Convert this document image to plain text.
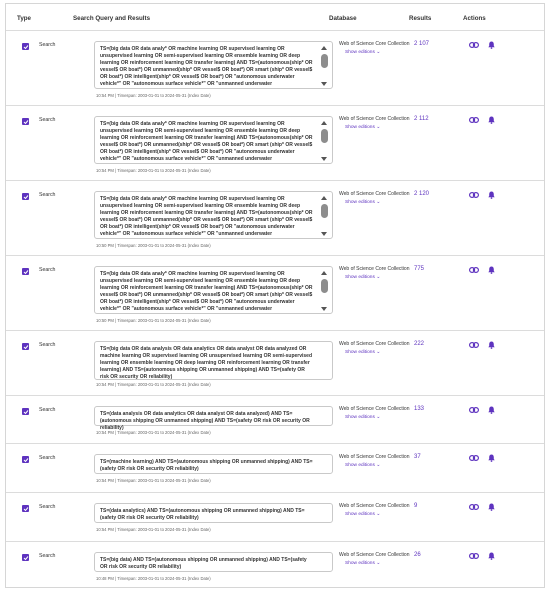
Type	Search Query and Results	Database	Results	Actions
Search
TS=(big data OR data analy* OR machine learning OR supervised learning OR unsupervised learning OR semi-supervised learning OR ensemble learning OR deep learning OR reinforcement learning OR transfer learning) AND TS=(autonomous(ship* OR vessel$ OR boat*) OR unmanned(ship* OR vessel$ OR boat*) OR smart (ship* OR vessel$ OR boat*) OR intelligent(ship* OR vessel$ OR boat*) OR "autonomous underwater vehicle*" OR "autonomous surface vehicle*" OR "unmanned underwater
10:54 PM | Timespan: 2003-01-01 to 2024-05-31 (Index Date)
Web of Science Core Collection
Show editions ⌄
2 107
Search
TS=(big data OR data analy* OR machine learning OR supervised learning OR unsupervised learning OR semi-supervised learning OR ensemble learning OR deep learning OR reinforcement learning OR transfer learning) AND TS=(autonomous(ship* OR vessel$ OR boat*) OR unmanned(ship* OR vessel$ OR boat*) OR smart (ship* OR vessel$ OR boat*) OR intelligent(ship* OR vessel$ OR boat*) OR "autonomous underwater vehicle*" OR "autonomous surface vehicle*" OR "unmanned underwater
10:54 PM | Timespan: 2003-01-01 to 2024-05-31 (Index Date)
Web of Science Core Collection
Show editions ⌄
2 112
Search
TS=(big data OR data analy* OR machine learning OR supervised learning OR unsupervised learning OR semi-supervised learning OR ensemble learning OR deep learning OR reinforcement learning OR transfer learning) AND TS=(autonomous(ship* OR vessel$ OR boat*) OR unmanned(ship* OR vessel$ OR boat*) OR smart (ship* OR vessel$ OR boat*) OR intelligent(ship* OR vessel$ OR boat*) OR "autonomous underwater vehicle*" OR "autonomous surface vehicle*" OR "unmanned underwater
10:50 PM | Timespan: 2003-01-01 to 2024-05-31 (Index Date)
Web of Science Core Collection
Show editions ⌄
2 120
Search
TS=(big data OR data analy* OR machine learning OR supervised learning OR unsupervised learning OR semi-supervised learning OR ensemble learning OR deep learning OR reinforcement learning OR transfer learning) AND TS=(autonomous(ship* OR vessel$ OR boat*) OR unmanned(ship* OR vessel$ OR boat*) OR smart (ship* OR vessel$ OR boat*) OR intelligent(ship* OR vessel$ OR boat*) OR "autonomous underwater vehicle*" OR "autonomous surface vehicle*" OR "unmanned underwater
10:50 PM | Timespan: 2003-01-01 to 2024-05-31 (Index Date)
Web of Science Core Collection
Show editions ⌄
775
Search
TS=(big data OR data analysis OR data analytics OR data analyst OR data analyzed OR machine learning OR supervised learning OR unsupervised learning OR semi-supervised learning OR ensemble learning OR deep learning OR reinforcement learning OR transfer learning) AND TS=(autonomous shipping OR unmanned shipping) AND TS=(safety OR risk OR security OR reliability)
10:54 PM | Timespan: 2003-01-01 to 2024-05-31 (Index Date)
Web of Science Core Collection
Show editions ⌄
222
Search
TS=(data analysis OR data analytics OR data analyst OR data analyzed) AND TS=(autonomous shipping OR unmanned shipping) AND TS=(safety OR risk OR security OR reliability)
10:54 PM | Timespan: 2003-01-01 to 2024-05-31 (Index Date)
Web of Science Core Collection
Show editions ⌄
133
Search
TS=(machine learning) AND TS=(autonomous shipping OR unmanned shipping) AND TS=(safety OR risk OR security OR reliability)
10:54 PM | Timespan: 2003-01-01 to 2024-05-31 (Index Date)
Web of Science Core Collection
Show editions ⌄
37
Search
TS=(data analytics) AND TS=(autonomous shipping OR unmanned shipping) AND TS=(safety OR risk OR security OR reliability)
10:54 PM | Timespan: 2003-01-01 to 2024-05-31 (Index Date)
Web of Science Core Collection
Show editions ⌄
9
Search
TS=(big data) AND TS=(autonomous shipping OR unmanned shipping) AND TS=(safety OR risk OR security OR reliability)
10:48 PM | Timespan: 2003-01-01 to 2024-05-31 (Index Date)
Web of Science Core Collection
Show editions ⌄
26
